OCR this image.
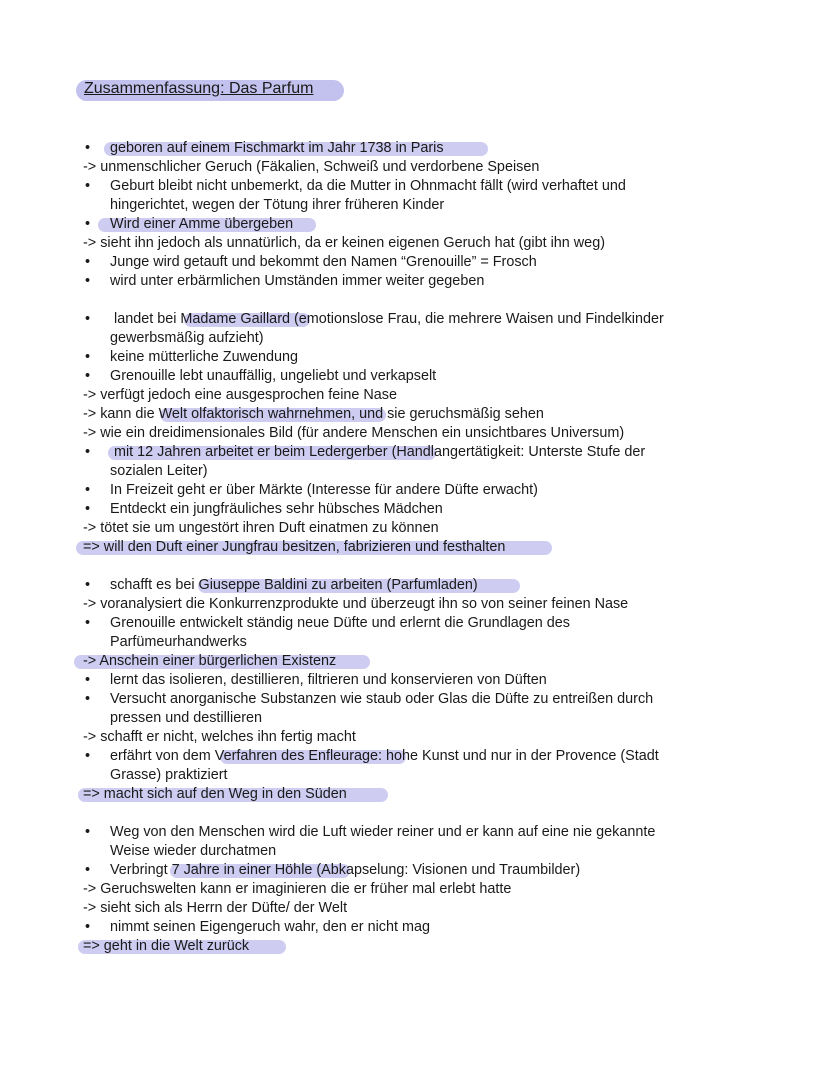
Zusammenfassung: Das Parfum
• geboren auf einem Fischmarkt im Jahr 1738 in Paris
-> unmenschlicher Geruch (Fäkalien, Schweiß und verdorbene Speisen
• Geburt bleibt nicht unbemerkt, da die Mutter in Ohnmacht fällt (wird verhaftet und
hingerichtet, wegen der Tötung ihrer früheren Kinder
• Wird einer Amme übergeben
-> sieht ihn jedoch als unnatürlich, da er keinen eigenen Geruch hat (gibt ihn weg)
• Junge wird getauft und bekommt den Namen “Grenouille” = Frosch
• wird unter erbärmlichen Umständen immer weiter gegeben
• landet bei Madame Gaillard (emotionslose Frau, die mehrere Waisen und Findelkinder
gewerbsmäßig aufzieht)
• keine mütterliche Zuwendung
• Grenouille lebt unauffällig, ungeliebt und verkapselt
-> verfügt jedoch eine ausgesprochen feine Nase
-> kann die Welt olfaktorisch wahrnehmen, und sie geruchsmäßig sehen
-> wie ein dreidimensionales Bild (für andere Menschen ein unsichtbares Universum)
• mit 12 Jahren arbeitet er beim Ledergerber (Handlangertätigkeit: Unterste Stufe der
sozialen Leiter)
• In Freizeit geht er über Märkte (Interesse für andere Düfte erwacht)
• Entdeckt ein jungfräuliches sehr hübsches Mädchen
-> tötet sie um ungestört ihren Duft einatmen zu können
=> will den Duft einer Jungfrau besitzen, fabrizieren und festhalten
• schafft es bei Giuseppe Baldini zu arbeiten (Parfumladen)
-> voranalysiert die Konkurrenzprodukte und überzeugt ihn so von seiner feinen Nase
• Grenouille entwickelt ständig neue Düfte und erlernt die Grundlagen des
Parfümeurhandwerks
-> Anschein einer bürgerlichen Existenz
• lernt das isolieren, destillieren, filtrieren und konservieren von Düften
• Versucht anorganische Substanzen wie staub oder Glas die Düfte zu entreißen durch
pressen und destillieren
-> schafft er nicht, welches ihn fertig macht
• erfährt von dem Verfahren des Enfleurage: hohe Kunst und nur in der Provence (Stadt
Grasse) praktiziert
=> macht sich auf den Weg in den Süden
• Weg von den Menschen wird die Luft wieder reiner und er kann auf eine nie gekannte
Weise wieder durchatmen
• Verbringt 7 Jahre in einer Höhle (Abkapselung: Visionen und Traumbilder)
-> Geruchswelten kann er imaginieren die er früher mal erlebt hatte
-> sieht sich als Herrn der Düfte/ der Welt
• nimmt seinen Eigengeruch wahr, den er nicht mag
=> geht in die Welt zurück
